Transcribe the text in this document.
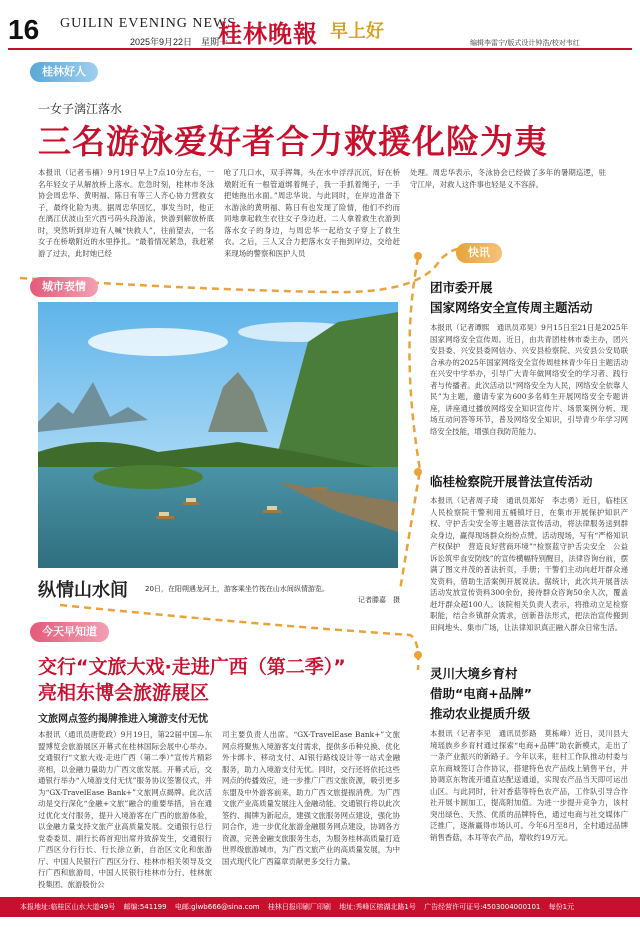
16 GUILIN EVENING NEWS
2025年9月22日　星期一
桂林晚報 早上好
编辑李雷宁/版式设计钟浩/校对韦红
桂林好人
一女子漓江落水
三名游泳爱好者合力救援化险为夷
本报讯（记者韦楠）9月19日早上7点10分左右，一名年轻女子从解放桥上落水。危急时刻，桂林市冬泳协会周忠华、黄明福、陈日有等三人齐心协力营救女子，最终化险为夷。据周忠华回忆，事发当时，他正在漓江伏波山至穴西弓码头段游泳，快游到解放桥底时，突然听到岸边有人喊“快救人”，往前望去，一名女子在桥墩附近的水里挣扎。“最着情况紧急，我赶紧游了过去，此时她已经
呛了几口水，双手挥舞，头在水中浮浮沉沉，好在桥墩附近有一根管道绑着绳子，我一手抓着绳子，一手把她拖出水面。”周忠华说。与此同时，在岸边准备下水游泳的黄明福、陈日有也发现了险情，他们不约而同地拿起救生衣往女子身边赶。二人拿着救生衣游到落水女子的身边，与周忠华一起给女子穿上了救生衣。之后，三人又合力把落水女子拖到岸边，交给赶来现场的警察和医护人员
处理。周忠华表示，冬泳协会已经做了多年的暑期巡逻，驻守江岸，对救人这件事也轻是义不容辞。
城市表情
纵情山水间 20日，在阳朔遇龙河上，游客乘坐竹筏在山水间纵情游览。
记者滕嘉　摄
今天早知道
交行“文旅大戏·走进广西（第二季）”
亮相东博会旅游展区
文旅网点签约揭牌推进入境游支付无忧
本报讯（通讯员唐乾政）9月19日，第22届中国—东盟博览会旅游展区开幕式在桂林国际会展中心举办。交通银行“文旅大戏·走进广西（第二季）”宣传片精彩亮相，以金融力量助力广西文旅发展。开幕式后，交通银行举办“入境游支付无忧”服务协议签署仪式，并为“GX-TravelEase Bank+”文旅网点揭牌。此次活动是交行深化“金融+文旅”融合的重要举措，旨在通过优化支付服务，提升入境游客在广西的旅游体验，以金融力量支持文旅产业高质量发展。交通银行总行党委委员、副行长蒋首迎出席并致辞发生，交通银行广西区分行行长、行长徐立新，自治区文化和旅游厅、中国人民银行广西区分行、桂林市相关领导及交行广西和旅游局、中国人民银行桂林市分行、桂林旅投集团、旅游股份公
司主要负责人出席。“GX-TravelEase Bank+”文旅网点将聚焦入境游客支付需求，提供多币种兑换、优化外卡绑卡、移动支付、AI银行路线设计等一站式金融服务，助力入境游支付无忧。同时，交行还将依托这些网点的传播效应，进一步推广广西文旅资源，吸引更多东盟及中外游客前来，助力广西文旅提振消费。为广西文旅产业高质量发展注入金融动能。交通银行将以此次签约、揭牌为新起点，建强文旅服务网点建设，强化协同合作，进一步优化旅游金融服务网点建设，协调各方资源，完善金融支旅服务生态，为服务桂林高质量打造世界级旅游城市，为广西文旅产业的高质量发展，为中国式现代化广西篇章贡献更多交行力量。
快讯
团市委开展
国家网络安全宣传周主题活动
本报讯（记者谭熙　通讯员邓昊）9月15日至21日是2025年国家网络安全宣传周。近日，由共青团桂林市委主办，团兴安县委、兴安县委网信办、兴安县检察院、兴安县公安局联合承办的2025年国家网络安全宣传周桂林青少年日主题活动在兴安中学举办，引导广大青年做网络安全的学习者、践行者与传播者。此次活动以“网络安全为人民，网络安全依靠人民”为主题，邀请专家为600多名师生开展网络安全专题讲座，讲座通过播放网络安全知识宣传片、场景案例分析、现场互动问答等环节，普及网络安全知识，引导青少年学习网络安全技能，增强自我防范能力。
临桂检察院开展普法宣传活动
本报讯（记者周子琦　通讯员郑好　李志勇）近日，临桂区人民检察院干警利用五桶镇圩日，在集市开展保护知识产权、守护舌尖安全等主题普法宣传活动，将法律服务送到群众身边，赢得现场群众纷纷点赞。活动现场，写有“严格知识产权保护　营造良好营商环境”“检察蓝守护舌尖安全　公益诉讼筑牢食安防线”的宣传横幅特别醒目，法律咨询台前，摆满了图文并茂的普法折页，手册；干警们主动向赶圩群众递发资料，借助生活案例开展说法。据统计，此次共开展普法活动发放宣传资料300余份，接待群众咨询50余人次，覆盖赶圩群众超100人。该院相关负责人表示，将推动立足检察职能，结合乡镇群众需求，创新普法形式，把法治宣传搬到田间地头、集市广场，让法律知识真正融入群众日常生活。
灵川大境乡育村
借助“电商+品牌”
推动农业提质升级
本报讯（记者李见　通讯员彭路　莫栋峰）近日，灵川县大境瑶族乡乡育村通过探索“电商+品牌”助农新模式，走出了一条产业振兴的新路子。今年以来，驻村工作队推动村委与京东商城签订合作协议，搭建特色农产品线上销售平台，并协调京东物流开通直达配送通道，实现农产品当天即可运出山区。与此同时，针对香菇等特色农产品，工作队引导合作社开展卡制加工，提高附加值。为进一步提升竞争力，该村突出绿色、天然、优质的品牌特色，通过电商与社交媒体广泛推广，逐渐赢得市场认可。今年6月至8月，全村通过品牌销售香菇，本耳等农产品，增收约19万元。
本报地址:临桂区山水大道49号 邮编:541199 电邮:glwb666@sina.com 桂林日报印刷厂印刷 地址:秀峰区榕湖北路1号 广告经营许可证号:4503004000101 每份1元
